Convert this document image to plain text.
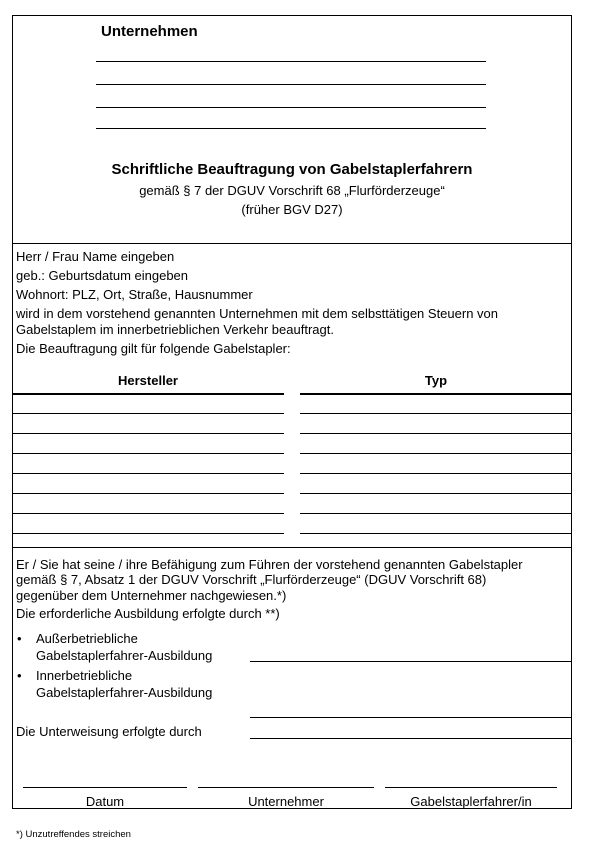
Unternehmen
Schriftliche Beauftragung von Gabelstaplerfahrern
gemäß § 7 der DGUV Vorschrift 68 „Flurförderzeuge“
(früher BGV D27)
Herr / Frau Name eingeben
geb.: Geburtsdatum eingeben
Wohnort: PLZ, Ort, Straße, Hausnummer
wird in dem vorstehend genannten Unternehmen mit dem selbsttätigen Steuern von
Gabelstaplem im innerbetrieblichen Verkehr beauftragt.
Die Beauftragung gilt für folgende Gabelstapler:
Hersteller	Typ
Er / Sie hat seine / ihre Befähigung zum Führen der vorstehend genannten Gabelstapler
gemäß § 7, Absatz 1 der DGUV Vorschrift „Flurförderzeuge“ (DGUV Vorschrift 68)
gegenüber dem Unternehmer nachgewiesen.*)
Die erforderliche Ausbildung erfolgte durch **)
• Außerbetriebliche
Gabelstaplerfahrer-Ausbildung
• Innerbetriebliche
Gabelstaplerfahrer-Ausbildung
Die Unterweisung erfolgte durch
Datum	Unternehmer	Gabelstaplerfahrer/in
*) Unzutreffendes streichen
